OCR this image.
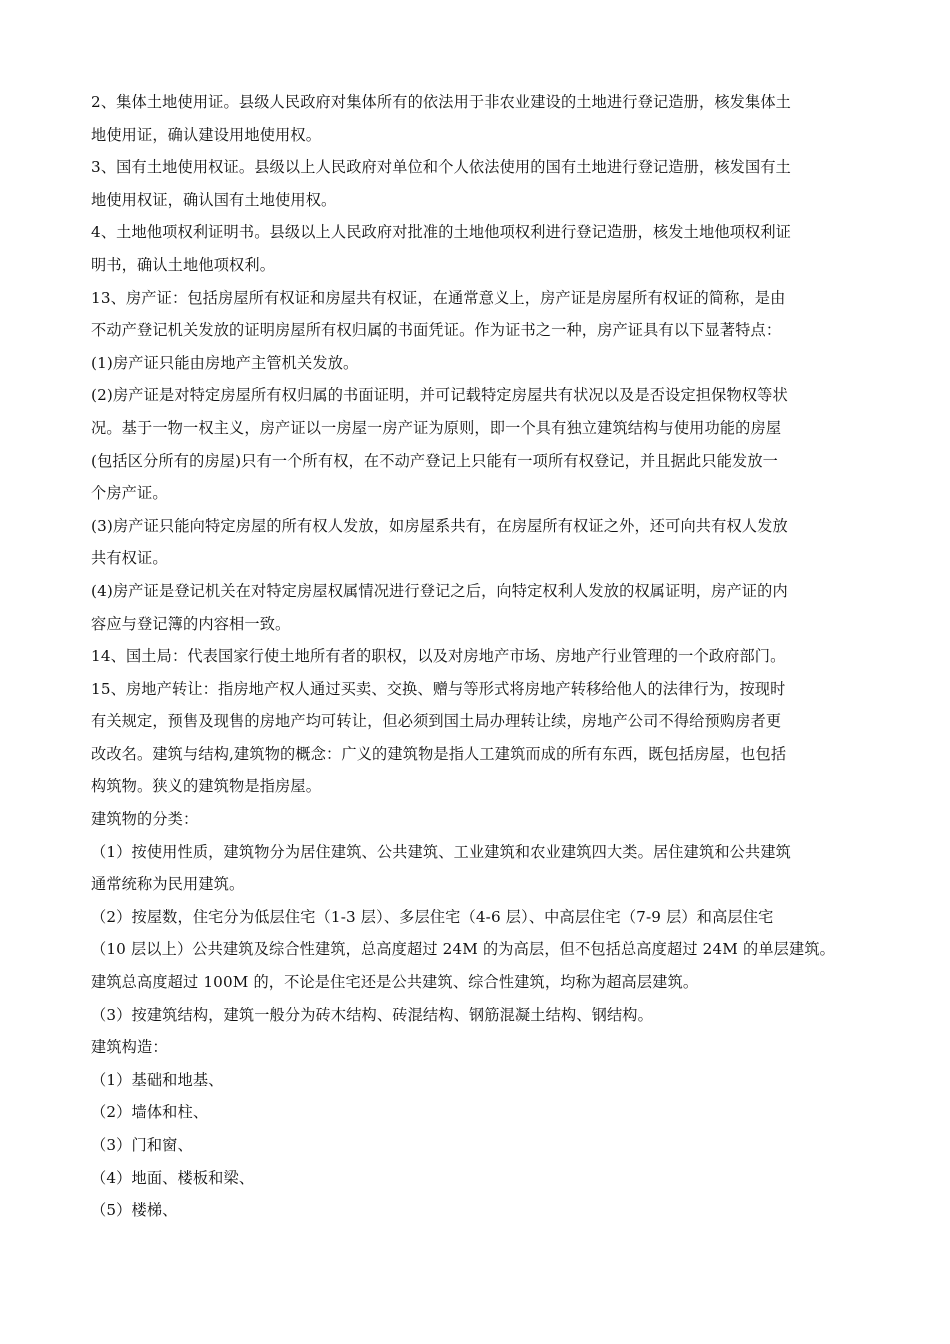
2、集体土地使用证。县级人民政府对集体所有的依法用于非农业建设的土地进行登记造册，核发集体土
地使用证，确认建设用地使用权。
3、国有土地使用权证。县级以上人民政府对单位和个人依法使用的国有土地进行登记造册，核发国有土
地使用权证，确认国有土地使用权。
4、土地他项权利证明书。县级以上人民政府对批准的土地他项权利进行登记造册，核发土地他项权利证
明书，确认土地他项权利。
13、房产证：包括房屋所有权证和房屋共有权证，在通常意义上，房产证是房屋所有权证的简称，是由
不动产登记机关发放的证明房屋所有权归属的书面凭证。作为证书之一种，房产证具有以下显著特点：
(1)房产证只能由房地产主管机关发放。
(2)房产证是对特定房屋所有权归属的书面证明，并可记载特定房屋共有状况以及是否设定担保物权等状
况。基于一物一权主义，房产证以一房屋一房产证为原则，即一个具有独立建筑结构与使用功能的房屋
(包括区分所有的房屋)只有一个所有权，在不动产登记上只能有一项所有权登记，并且据此只能发放一
个房产证。
(3)房产证只能向特定房屋的所有权人发放，如房屋系共有，在房屋所有权证之外，还可向共有权人发放
共有权证。
(4)房产证是登记机关在对特定房屋权属情况进行登记之后，向特定权利人发放的权属证明，房产证的内
容应与登记簿的内容相一致。
14、国土局：代表国家行使土地所有者的职权，以及对房地产市场、房地产行业管理的一个政府部门。
15、房地产转让：指房地产权人通过买卖、交换、赠与等形式将房地产转移给他人的法律行为，按现时
有关规定，预售及现售的房地产均可转让，但必须到国土局办理转让续，房地产公司不得给预购房者更
改改名。建筑与结构,建筑物的概念：广义的建筑物是指人工建筑而成的所有东西，既包括房屋，也包括
构筑物。狭义的建筑物是指房屋。
建筑物的分类：
（1）按使用性质，建筑物分为居住建筑、公共建筑、工业建筑和农业建筑四大类。居住建筑和公共建筑
通常统称为民用建筑。
（2）按屋数，住宅分为低层住宅（1-3 层）、多层住宅（4-6 层）、中高层住宅（7-9 层）和高层住宅
（10 层以上）公共建筑及综合性建筑，总高度超过 24M 的为高层，但不包括总高度超过 24M 的单层建筑。
建筑总高度超过 100M 的，不论是住宅还是公共建筑、综合性建筑，均称为超高层建筑。
（3）按建筑结构，建筑一般分为砖木结构、砖混结构、钢筋混凝土结构、钢结构。
建筑构造：
（1）基础和地基、
（2）墙体和柱、
（3）门和窗、
（4）地面、楼板和梁、
（5）楼梯、
